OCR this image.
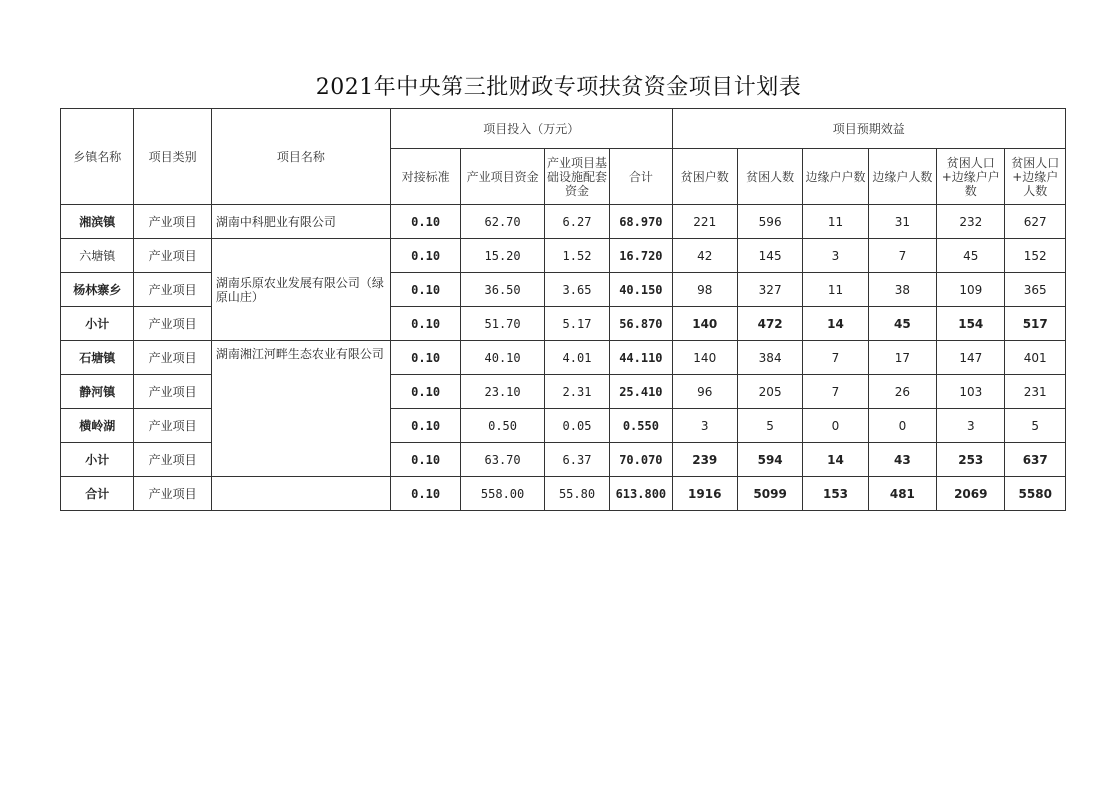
2021年中央第三批财政专项扶贫资金项目计划表
乡镇名称	项目类别	项目名称	项目投入（万元）				项目预期效益					
			对接标准	产业项目资金	产业项目基础设施配套资金	合计	贫困户数	贫困人数	边缘户户数	边缘户人数	贫困人口+边缘户户数	贫困人口+边缘户人数
湘滨镇	产业项目	湖南中科肥业有限公司	0.10	62.70	6.27	68.970	221	596	11	31	232	627
六塘镇	产业项目	湖南乐原农业发展有限公司（绿原山庄）	0.10	15.20	1.52	16.720	42	145	3	7	45	152
杨林寨乡	产业项目		0.10	36.50	3.65	40.150	98	327	11	38	109	365
小计	产业项目		0.10	51.70	5.17	56.870	140	472	14	45	154	517
石塘镇	产业项目	湖南湘江河畔生态农业有限公司	0.10	40.10	4.01	44.110	140	384	7	17	147	401
静河镇	产业项目		0.10	23.10	2.31	25.410	96	205	7	26	103	231
横岭湖	产业项目		0.10	0.50	0.05	0.550	3	5	0	0	3	5
小计	产业项目		0.10	63.70	6.37	70.070	239	594	14	43	253	637
合计	产业项目		0.10	558.00	55.80	613.800	1916	5099	153	481	2069	5580
